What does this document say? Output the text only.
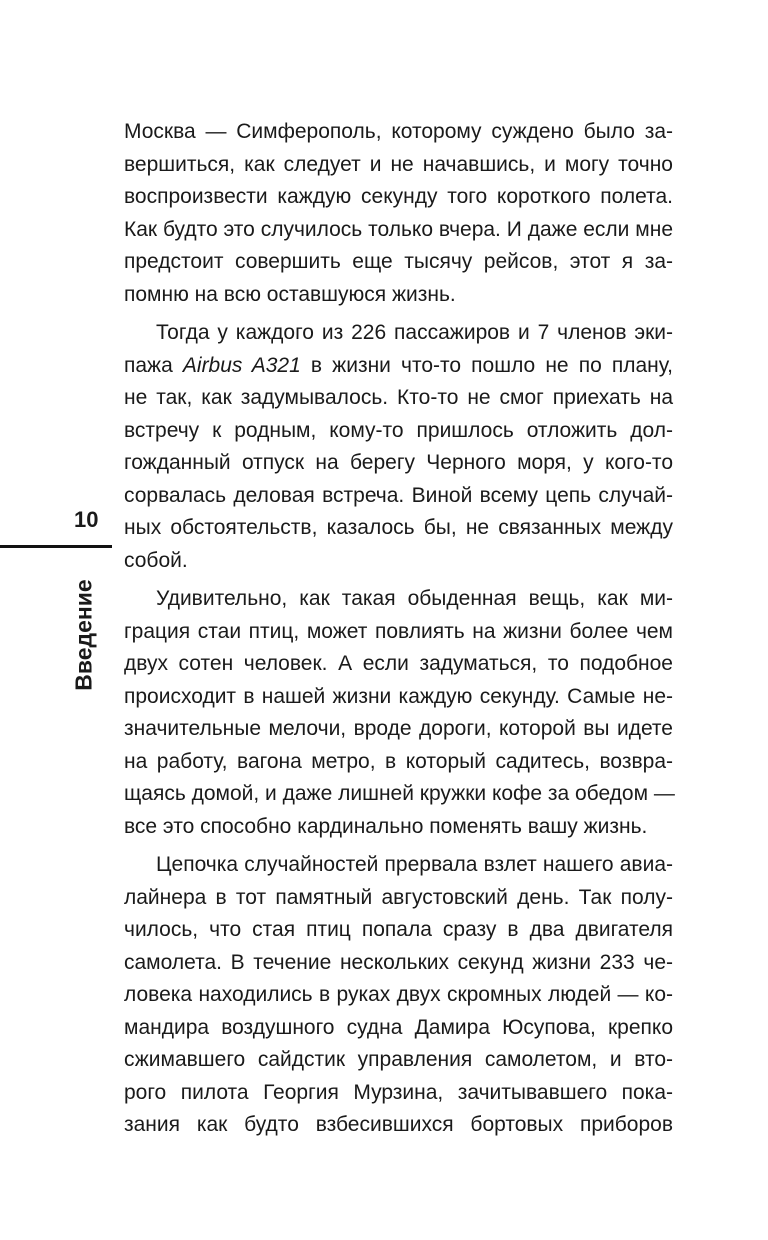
10
Введение
Москва — Симферополь, которому суждено было за-
вершиться, как следует и не начавшись, и могу точно
воспроизвести каждую секунду того короткого полета.
Как будто это случилось только вчера. И даже если мне
предстоит совершить еще тысячу рейсов, этот я за-
помню на всю оставшуюся жизнь.
Тогда у каждого из 226 пассажиров и 7 членов эки-
пажа Airbus A321 в жизни что-то пошло не по плану,
не так, как задумывалось. Кто-то не смог приехать на
встречу к родным, кому-то пришлось отложить дол-
гожданный отпуск на берегу Черного моря, у кого-то
сорвалась деловая встреча. Виной всему цепь случай-
ных обстоятельств, казалось бы, не связанных между
собой.
Удивительно, как такая обыденная вещь, как ми-
грация стаи птиц, может повлиять на жизни более чем
двух сотен человек. А если задуматься, то подобное
происходит в нашей жизни каждую секунду. Самые не-
значительные мелочи, вроде дороги, которой вы идете
на работу, вагона метро, в который садитесь, возвра-
щаясь домой, и даже лишней кружки кофе за обедом —
все это способно кардинально поменять вашу жизнь.
Цепочка случайностей прервала взлет нашего авиа-
лайнера в тот памятный августовский день. Так полу-
чилось, что стая птиц попала сразу в два двигателя
самолета. В течение нескольких секунд жизни 233 че-
ловека находились в руках двух скромных людей — ко-
мандира воздушного судна Дамира Юсупова, крепко
сжимавшего сайдстик управления самолетом, и вто-
рого пилота Георгия Мурзина, зачитывавшего пока-
зания как будто взбесившихся бортовых приборов
